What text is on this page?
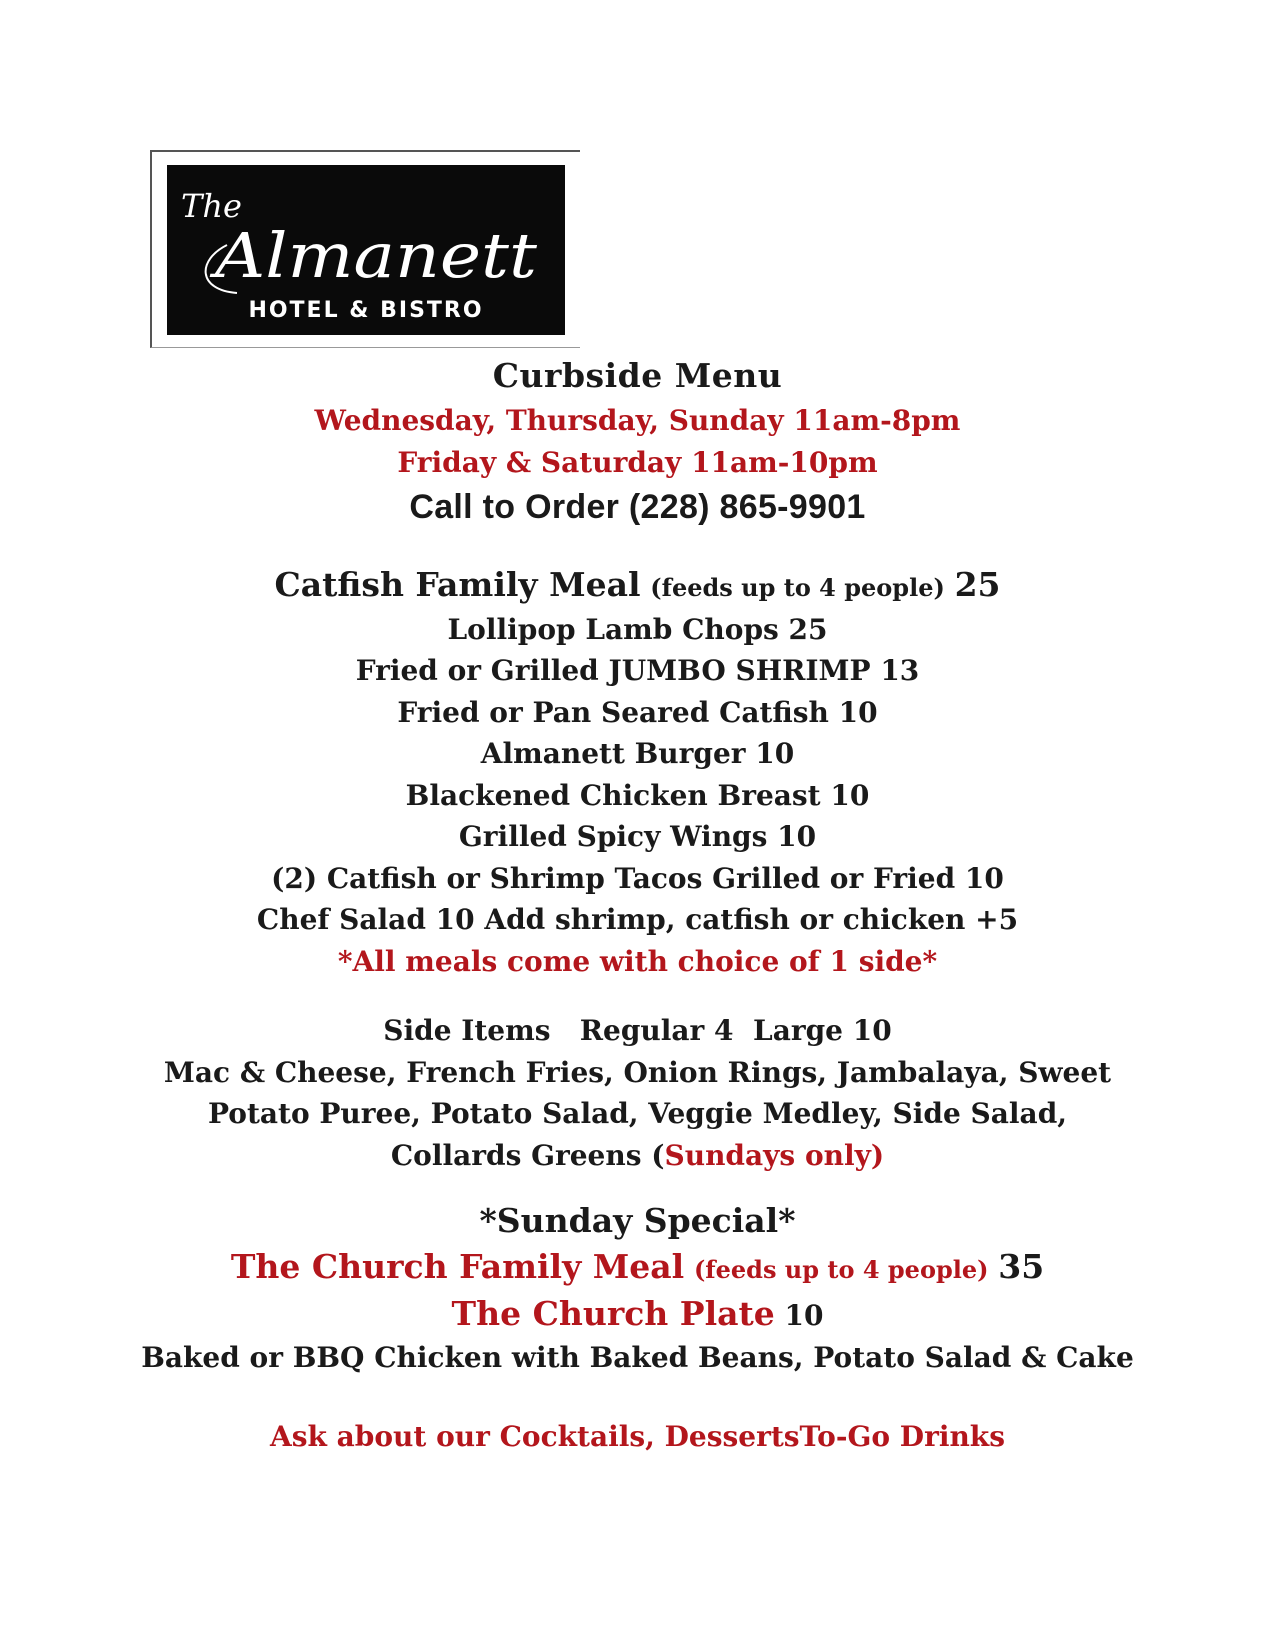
The
Almanett
HOTEL & BISTRO
Curbside Menu
Wednesday, Thursday, Sunday 11am-8pm
Friday & Saturday 11am-10pm
Call to Order (228) 865-9901
Catfish Family Meal (feeds up to 4 people) 25
Lollipop Lamb Chops 25
Fried or Grilled JUMBO SHRIMP 13
Fried or Pan Seared Catfish 10
Almanett Burger 10
Blackened Chicken Breast 10
Grilled Spicy Wings 10
(2) Catfish or Shrimp Tacos Grilled or Fried 10
Chef Salad 10 Add shrimp, catfish or chicken +5
*All meals come with choice of 1 side*
Side Items   Regular 4  Large 10
Mac & Cheese, French Fries, Onion Rings, Jambalaya, Sweet
Potato Puree, Potato Salad, Veggie Medley, Side Salad,
Collards Greens (Sundays only)
*Sunday Special*
The Church Family Meal (feeds up to 4 people) 35
The Church Plate 10
Baked or BBQ Chicken with Baked Beans, Potato Salad & Cake
Ask about our Cocktails, DessertsTo-Go Drinks
